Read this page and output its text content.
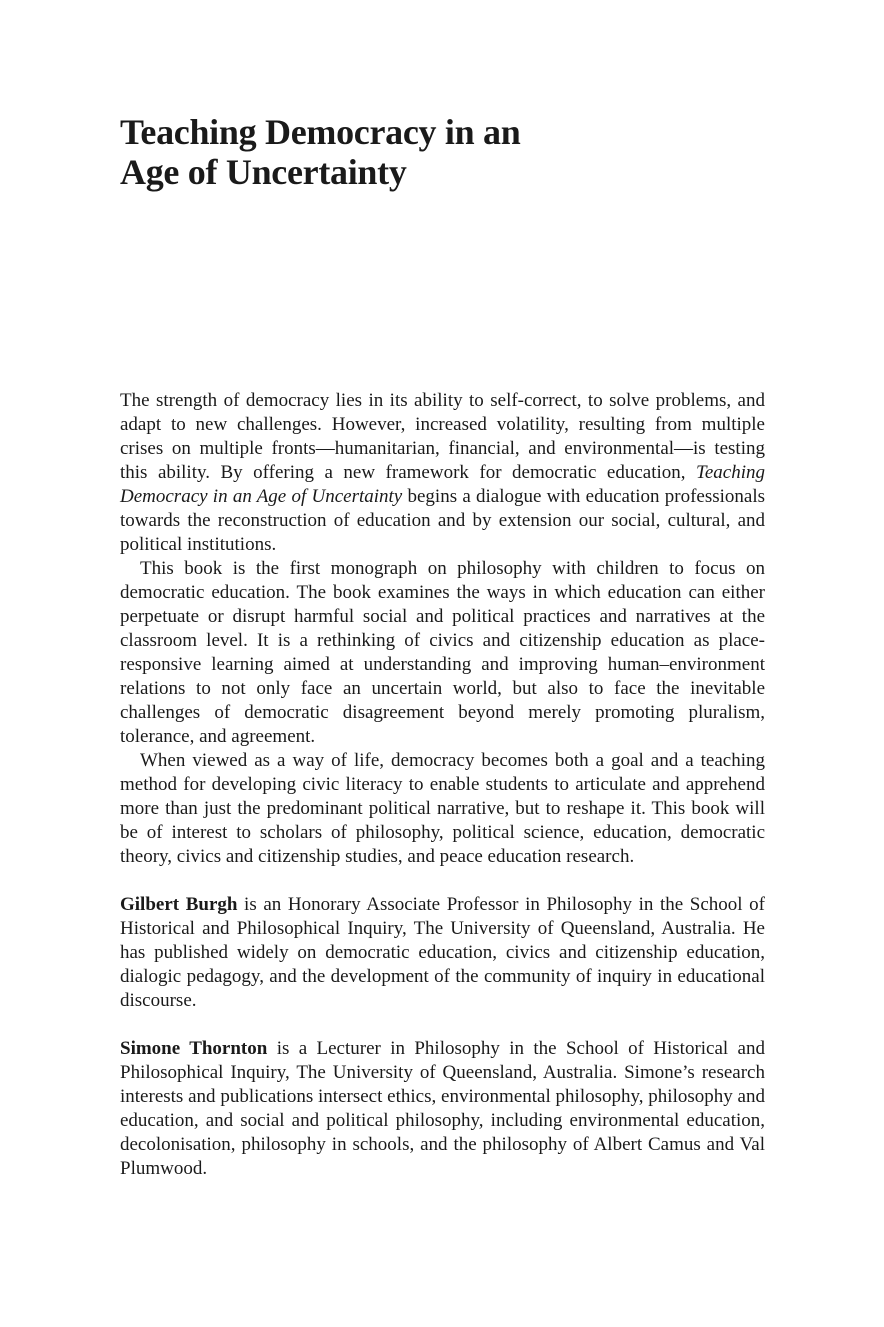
Teaching Democracy in an
Age of Uncertainty

The strength of democracy lies in its ability to self-correct, to solve problems, and adapt to new challenges. However, increased volatility, resulting from multiple crises on multiple fronts—humanitarian, financial, and environmental—is testing this ability. By offering a new framework for democratic education, Teaching Democracy in an Age of Uncertainty begins a dialogue with education professionals towards the reconstruction of education and by extension our social, cultural, and political institutions.

This book is the first monograph on philosophy with children to focus on democratic education. The book examines the ways in which education can either perpetuate or disrupt harmful social and political practices and narratives at the classroom level. It is a rethinking of civics and citizenship education as place-responsive learning aimed at understanding and improving human–environment relations to not only face an uncertain world, but also to face the inevitable challenges of democratic disagreement beyond merely promoting pluralism, tolerance, and agreement.

When viewed as a way of life, democracy becomes both a goal and a teaching method for developing civic literacy to enable students to articulate and apprehend more than just the predominant political narrative, but to reshape it. This book will be of interest to scholars of philosophy, political science, education, democratic theory, civics and citizenship studies, and peace education research.

Gilbert Burgh is an Honorary Associate Professor in Philosophy in the School of Historical and Philosophical Inquiry, The University of Queensland, Australia. He has published widely on democratic education, civics and citizenship education, dialogic pedagogy, and the development of the community of inquiry in educational discourse.

Simone Thornton is a Lecturer in Philosophy in the School of Historical and Philosophical Inquiry, The University of Queensland, Australia. Simone’s research interests and publications intersect ethics, environmental philosophy, philosophy and education, and social and political philosophy, including environmental education, decolonisation, philosophy in schools, and the philosophy of Albert Camus and Val Plumwood.
